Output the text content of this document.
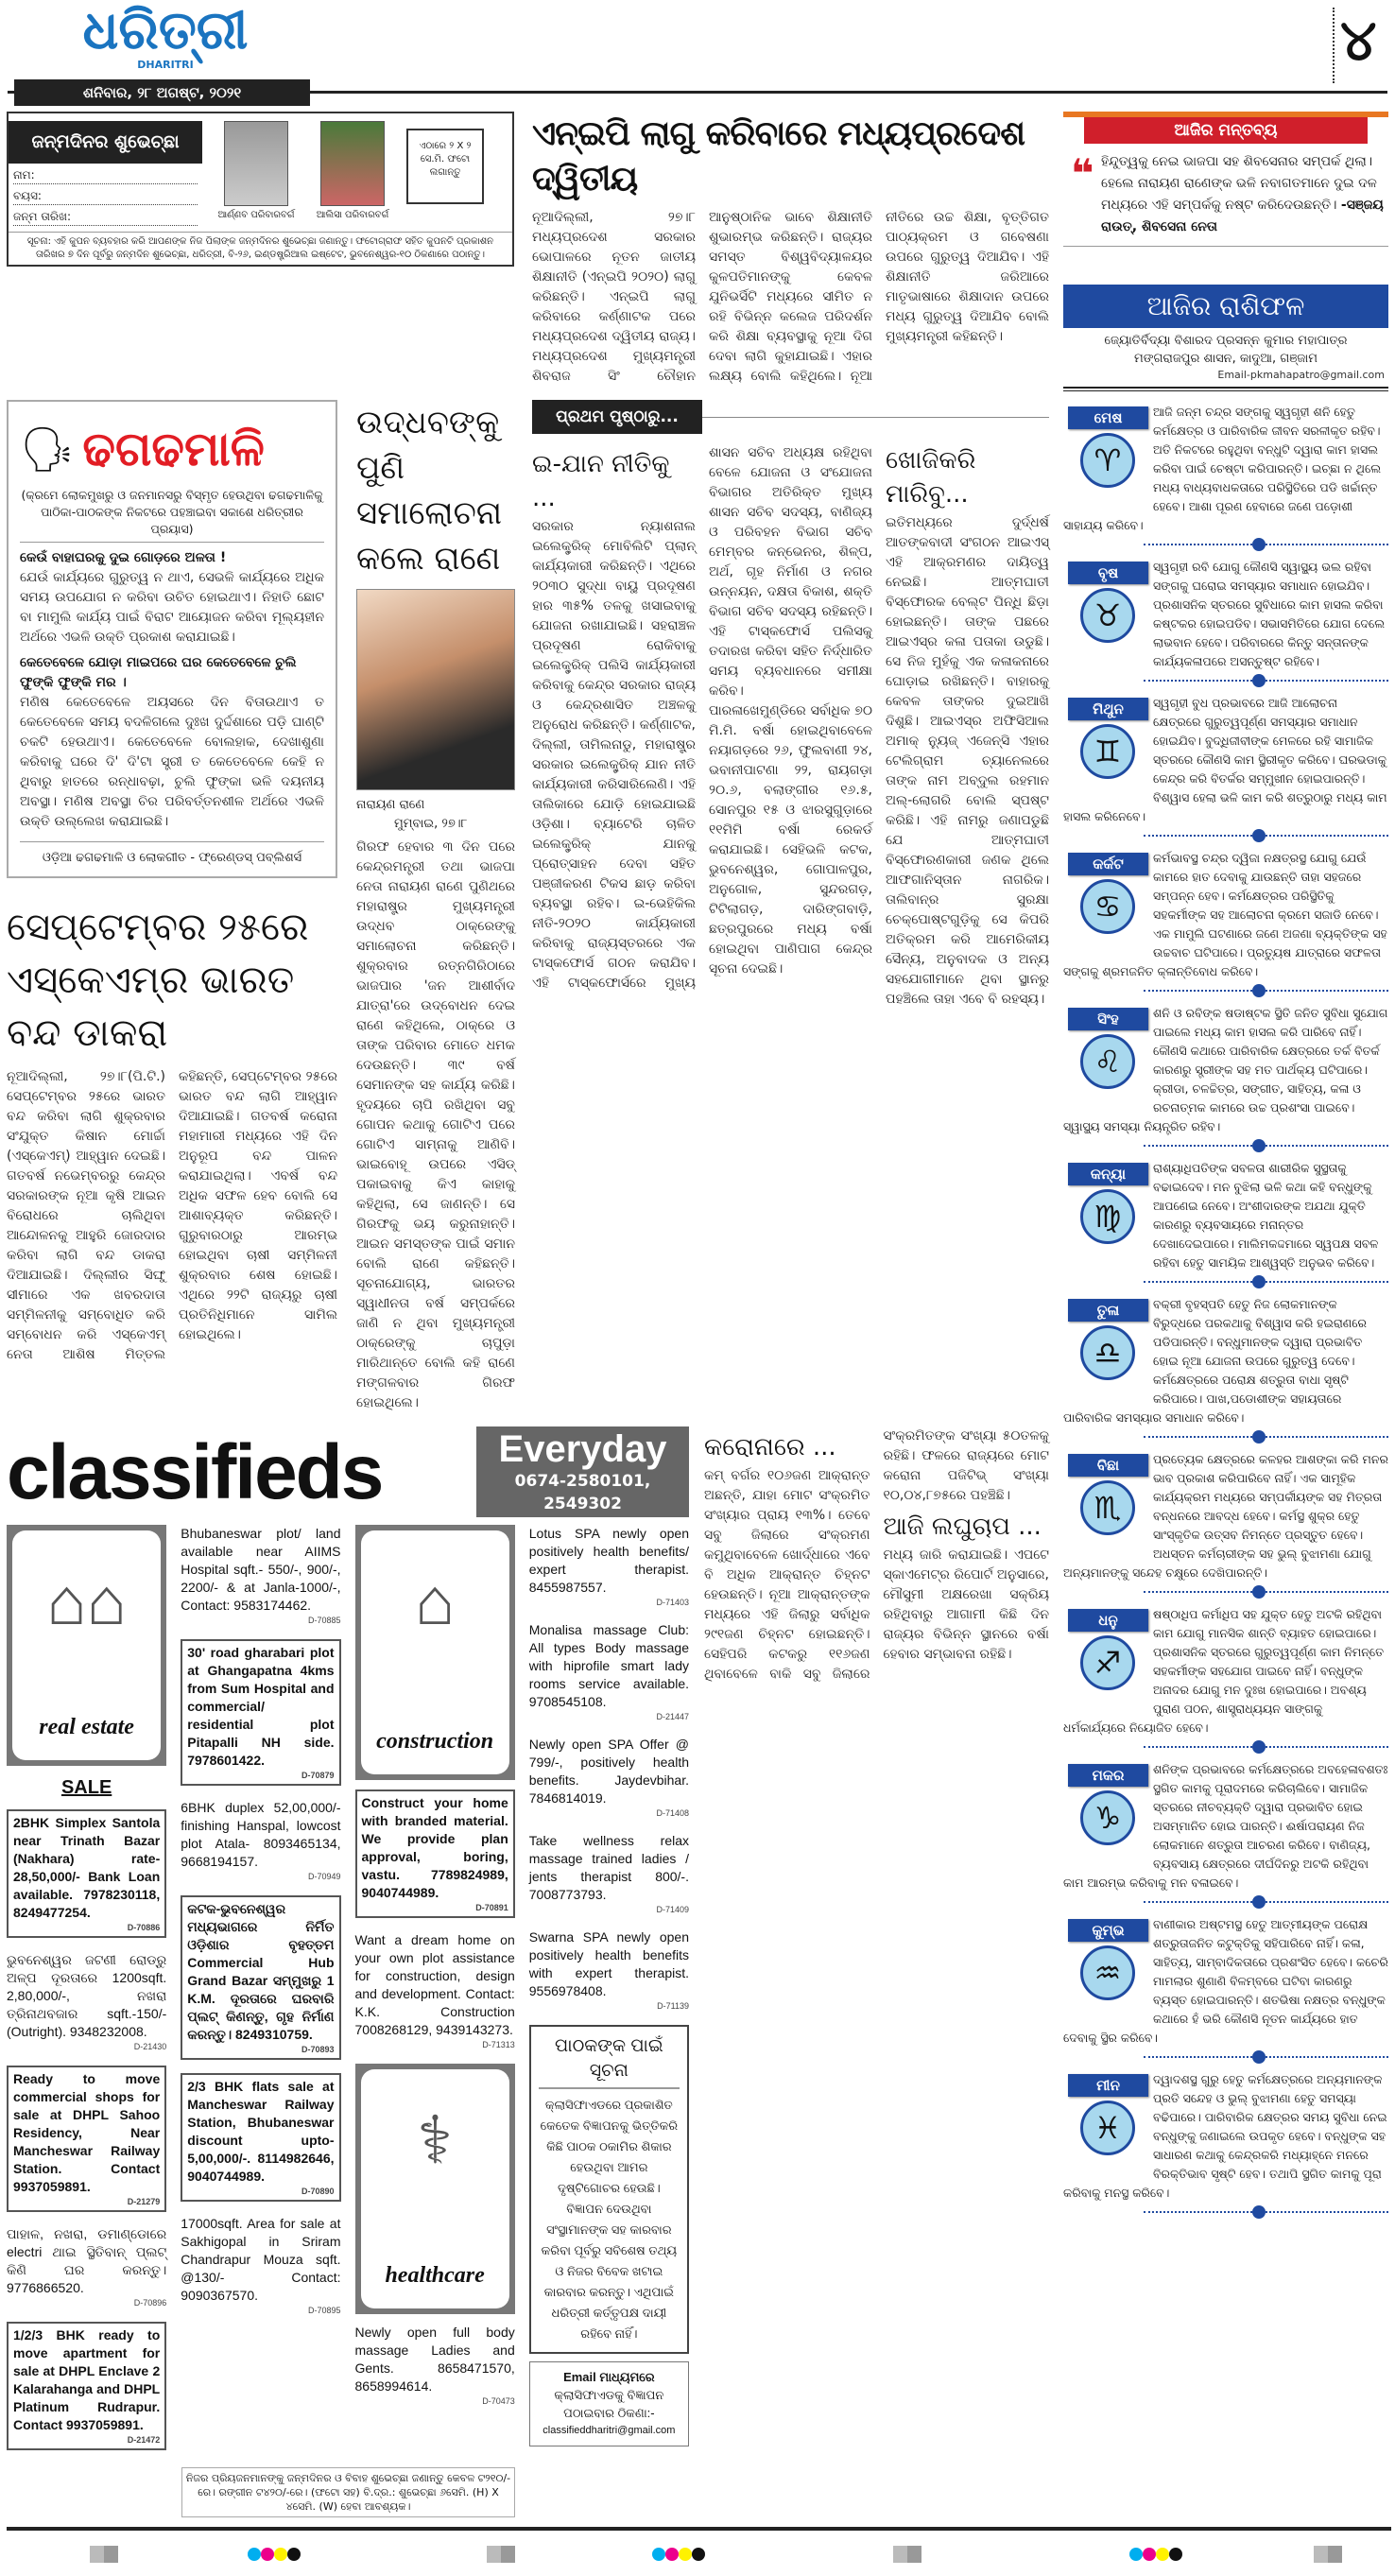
ଧରିତ୍ରୀ
DHARITRI
ଶନିବାର, ୨୮ ଅଗଷ୍ଟ, ୨୦୨୧
୪
ଜନ୍ମଦିନର ଶୁଭେଚ୍ଛା
ନାମ:
ବୟସ:
ଜନ୍ମ ତାରିଖ:	ଆର୍ଣ୍ଣବ ପରିବାରବର୍ଗ	ଆଲିସା ପରିବାରବର୍ଗ
ଏଠାରେ ୨ X ୨ ସେ.ମି. ଫଟୋ ଲଗାନ୍ତୁ
ସୂଚନା: ଏହି କୁପନ ବ୍ୟବହାର କରି ଆପଣଙ୍କ ନିଜ ପିଲାଙ୍କ ଜନ୍ମଦିନର ଶୁଭେଚ୍ଛା ଜଣାନ୍ତୁ। ଫଟୋଗ୍ରାଫ ସହିତ କୁପନଟି ପ୍ରକାଶନ ତାରିଖର ୭ ଦିନ ପୂର୍ବରୁ ଜନ୍ମଦିନ ଶୁଭେଚ୍ଛା, ଧରିତ୍ରୀ, ବି-୨୬, ଇଣ୍ଡଷ୍ଟ୍ରିଆଲ ଇଷ୍ଟେଟ, ଭୁବନେଶ୍ୱର-୧୦ ଠିକଣାରେ ପଠାନ୍ତୁ।
ଏନ୍‌ଇପି ଲାଗୁ କରିବାରେ ମଧ୍ୟପ୍ରଦେଶ ଦ୍ୱିତୀୟ
ନୂଆଦିଲ୍ଲୀ, ୨୭।୮ ମଧ୍ୟପ୍ରଦେଶ ସରକାର ଭୋପାଳରେ ନୂତନ ଜାତୀୟ ଶିକ୍ଷାନୀତି (ଏନ୍‌ଇପି ୨୦୨୦) ଲାଗୁ କରିଛନ୍ତି। ଏନ୍‌ଇପି ଲାଗୁ କରିବାରେ କର୍ଣ୍ଣାଟକ ପରେ ମଧ୍ୟପ୍ରଦେଶ ଦ୍ୱିତୀୟ ରାଜ୍ୟ। ମଧ୍ୟପ୍ରଦେଶ ମୁଖ୍ୟମନ୍ତ୍ରୀ ଶିବରାଜ ସିଂ ଚୌହାନ ଆନୁଷ୍ଠାନିକ ଭାବେ ଶିକ୍ଷାନୀତି ଶୁଭାରମ୍ଭ କରିଛନ୍ତି। ରାଜ୍ୟର ସମସ୍ତ ବିଶ୍ୱବିଦ୍ୟାଳୟର କୁଳପତିମାନଙ୍କୁ କେବଳ ଯୁନିଭର୍ସିଟି ମଧ୍ୟରେ ସୀମିତ ନ ରହି ବିଭିନ୍ନ କଲେଜ ପରିଦର୍ଶନ କରି ଶିକ୍ଷା ବ୍ୟବସ୍ଥାକୁ ନୂଆ ଦିଗ ଦେବା ଲାଗି କୁହାଯାଇଛି। ଏହାର ଲକ୍ଷ୍ୟ ବୋଲି କହିଥିଲେ। ନୂଆ ନୀତିରେ ଉଚ୍ଚ ଶିକ୍ଷା, ବୃତ୍ତିଗତ ପାଠ୍ୟକ୍ରମ ଓ ଗବେଷଣା ଉପରେ ଗୁରୁତ୍ୱ ଦିଆଯିବ। ଏହି ଶିକ୍ଷାନୀତି ଜରିଆରେ ମାତୃଭାଷାରେ ଶିକ୍ଷାଦାନ ଉପରେ ମଧ୍ୟ ଗୁରୁତ୍ୱ ଦିଆଯିବ ବୋଲି ମୁଖ୍ୟମନ୍ତ୍ରୀ କହିଛନ୍ତି।
🗣 ଢଗଢମାଳି
(କ୍ରମେ ଲୋକମୁଖରୁ ଓ ଜନମାନସରୁ ବିସ୍ମୃତ ହେଉଥିବା ଢଗଢମାଳିକୁ ପାଠିକା-ପାଠକଙ୍କ ନିକଟରେ ପହଞ୍ଚାଇବା ସକାଶେ ଧରିତ୍ରୀର ପ୍ରୟାସ)
କେଉଁ ବାହାଘରକୁ ଦୁଇ ଗୋଡ଼ରେ ଅଳତା !
ଯେଉଁ କାର୍ଯ୍ୟରେ ଗୁରୁତ୍ୱ ନ ଥାଏ, ସେଭଳି କାର୍ଯ୍ୟରେ ଅଧିକ ସମୟ ଉପଯୋଗ ନ କରିବା ଉଚିତ ହୋଇଥାଏ। ନିହାତି ଛୋଟ ବା ମାମୁଲି କାର୍ଯ୍ୟ ପାଇଁ ବିରାଟ ଆୟୋଜନ କରିବା ମୂଲ୍ୟହୀନ ଅର୍ଥରେ ଏଭଳି ଉକ୍ତି ପ୍ରକାଶ କରାଯାଇଛି।
କେତେବେଳେ ଯୋଡ଼ା ମାଇପରେ ଘର କେତେବେଳେ ଚୁଲି ଫୁଙ୍କି ଫୁଙ୍କି ମର ।
ମଣିଷ କେତେବେଳେ ଅୟସରେ ଦିନ ବିତାଉଥାଏ ତ କେତେବେଳେ ସମୟ ବଦଳିଗଲେ ଦୁଃଖ ଦୁର୍ଦ୍ଦଶାରେ ପଡ଼ି ଘାଣ୍ଟି ଚକଟି ହେଉଥାଏ। କେତେବେଳେ ବୋଲହାକ, ଦେଖାଶୁଣା କରିବାକୁ ଘରେ ଦି' ଦି'ଟା ସ୍ତ୍ରୀ ତ କେତେବେଳେ କେହି ନ ଥିବାରୁ ହାତରେ ରନ୍ଧାବଢ଼ା, ଚୁଲି ଫୁଙ୍କା ଭଳି ଦୟନୀୟ ଅବସ୍ଥା। ମଣିଷ ଅବସ୍ଥା ଚିର ପରିବର୍ତ୍ତନଶୀଳ ଅର୍ଥରେ ଏଭଳି ଉକ୍ତି ଉଲ୍ଲେଖ କରାଯାଇଛି।
ଓଡ଼ିଆ ଢଗଢମାଳି ଓ ଲୋକଗୀତ - ଫ୍ରେଣ୍ଡସ୍ ପବ୍ଲିଶର୍ସ
ସେପ୍ଟେମ୍ବର ୨୫ରେ ଏସ୍‌କେଏମ୍‌ର ଭାରତ ବନ୍ଦ ଡାକରା
ନୂଆଦିଲ୍ଲୀ, ୨୭।୮(ପି.ଟି.) ସେପ୍ଟେମ୍ବର ୨୫ରେ ଭାରତ ବନ୍ଦ କରିବା ଲାଗି ଶୁକ୍ରବାର ସଂଯୁକ୍ତ କିଷାନ ମୋର୍ଚ୍ଚା (ଏସ୍‌କେଏମ୍) ଆହ୍ୱାନ ଦେଇଛି। ଗତବର୍ଷ ନଭେମ୍ବରରୁ କେନ୍ଦ୍ର ସରକାରଙ୍କ ନୂଆ କୃଷି ଆଇନ ବିରୋଧରେ ଚାଲିଥିବା ଆନ୍ଦୋଳନକୁ ଆହୁରି ଜୋରଦାର କରିବା ଲାଗି ବନ୍ଦ ଡାକରା ଦିଆଯାଇଛି। ଦିଲ୍ଲୀର ସିଙ୍ଘୁ ସୀମାରେ ଏକ ଖବରଦାତା ସମ୍ମିଳନୀକୁ ସମ୍ବୋଧିତ କରି ସମ୍ବୋଧନ କରି ଏସ୍‌କେଏମ୍ ନେତା ଆଶିଷ ମିତ୍ତଲ କହିଛନ୍ତି, ସେପ୍ଟେମ୍ବର ୨୫ରେ ଭାରତ ବନ୍ଦ ଲାଗି ଆହ୍ୱାନ ଦିଆଯାଇଛି। ଗତବର୍ଷ କରୋନା ମହାମାରୀ ମଧ୍ୟରେ ଏହି ଦିନ ଅନୁରୂପ ବନ୍ଦ ପାଳନ କରାଯାଇଥିଲା। ଏବର୍ଷ ବନ୍ଦ ଅଧିକ ସଫଳ ହେବ ବୋଲି ସେ ଆଶାବ୍ୟକ୍ତ କରିଛନ୍ତି। ଗୁରୁବାରଠାରୁ ଆରମ୍ଭ ହୋଇଥିବା ଚାଷୀ ସମ୍ମିଳନୀ ଶୁକ୍ରବାର ଶେଷ ହୋଇଛି। ଏଥିରେ ୨୨ଟି ରାଜ୍ୟରୁ ଚାଷୀ ପ୍ରତିନିଧିମାନେ ସାମିଲ ହୋଇଥିଲେ।
ଉଦ୍ଧବଙ୍କୁ ପୁଣି ସମାଲୋଚନା କଲେ ରାଣେ
ନାରାୟଣ ରାଣେ
ମୁମ୍ବାଇ, ୨୭।୮
ଗିରଫ ହେବାର ୩ ଦିନ ପରେ କେନ୍ଦ୍ରମନ୍ତ୍ରୀ ତଥା ଭାଜପା ନେତା ନାରାୟଣ ରାଣେ ପୁଣିଥରେ ମହାରାଷ୍ଟ୍ର ମୁଖ୍ୟମନ୍ତ୍ରୀ ଉଦ୍ଧବ ଠାକ୍‌ରେଙ୍କୁ ସମାଲୋଚନା କରିଛନ୍ତି। ଶୁକ୍ରବାର ରତ୍ନଗିରିଠାରେ ଭାଜପାର 'ଜନ ଆଶୀର୍ବାଦ ଯାତ୍ରା'ରେ ଉଦ୍‌ବୋଧନ ଦେଇ ରାଣେ କହିଥିଲେ, ଠାକ୍‌ରେ ଓ ତାଙ୍କ ପରିବାର ମୋତେ ଧମକ ଦେଉଛନ୍ତି। ୩୯ ବର୍ଷ ସେମାନଙ୍କ ସହ କାର୍ଯ୍ୟ କରିଛି। ହୃଦୟରେ ଚାପି ରଖିଥିବା ସବୁ ଗୋପନ କଥାକୁ ଗୋଟିଏ ପରେ ଗୋଟିଏ ସାମ୍ନାକୁ ଆଣିବି। ଭାଇବୋହୂ ଉପରେ ଏସିଡ୍ ପକାଇବାକୁ କିଏ କାହାକୁ କହିଥିଲା, ସେ ଜାଣନ୍ତି। ସେ ଗିରଫକୁ ଭୟ କରୁନାହାନ୍ତି। ଆଇନ ସମସ୍ତଙ୍କ ପାଇଁ ସମାନ ବୋଲି ରାଣେ କହିଛନ୍ତି। ସୂଚନାଯୋଗ୍ୟ, ଭାରତର ସ୍ୱାଧୀନତା ବର୍ଷ ସମ୍ପର୍କରେ ଜାଣି ନ ଥିବା ମୁଖ୍ୟମନ୍ତ୍ରୀ ଠାକ୍‌ରେଙ୍କୁ ଚାପୁଡ଼ା ମାରିଥାନ୍ତେ ବୋଲି କହି ରାଣେ ମଙ୍ଗଳବାର ଗିରଫ ହୋଇଥିଲେ।
ପ୍ରଥମ ପୃଷ୍ଠାରୁ...
ଇ-ଯାନ ନୀତିକୁ ...
ସରକାର ନ୍ୟାଶନାଲ ଇଲେକ୍ଟ୍ରିକ୍ ମୋବିଲିଟି ପ୍ଲାନ୍ କାର୍ଯ୍ୟକାରୀ କରିଛନ୍ତି। ଏଥିରେ ୨୦୩୦ ସୁଦ୍ଧା ବାୟୁ ପ୍ରଦୂଷଣ ହାର ୩୫% ତଳକୁ ଖସାଇବାକୁ ଯୋଜନା ରଖାଯାଇଛି। ସହରାଞ୍ଚଳ ପ୍ରଦୂଷଣ ରୋକିବାକୁ ଇଲେକ୍ଟ୍ରିକ୍ ପଲିସି କାର୍ଯ୍ୟକାରୀ କରିବାକୁ କେନ୍ଦ୍ର ସରକାର ରାଜ୍ୟ ଓ କେନ୍ଦ୍ରଶାସିତ ଅଞ୍ଚଳକୁ ଅନୁରୋଧ କରିଛନ୍ତି। କର୍ଣ୍ଣାଟକ, ଦିଲ୍ଲୀ, ତାମିଲନାଡୁ, ମହାରାଷ୍ଟ୍ର ସରକାର ଇଲେକ୍ଟ୍ରିକ୍ ଯାନ ନୀତି କାର୍ଯ୍ୟକାରୀ କରିସାରିଲେଣି। ଏହି ତାଲିକାରେ ଯୋଡ଼ି ହୋଇଯାଇଛି ଓଡ଼ିଶା। ବ୍ୟାଟେରି ଚାଳିତ ଇଲେକ୍ଟ୍ରିକ୍ ଯାନକୁ ପ୍ରୋତ୍ସାହନ ଦେବା ସହିତ ପଞ୍ଜୀକରଣ ଟିକସ ଛାଡ଼ କରିବା ବ୍ୟବସ୍ଥା ରହିବ। ଇ-ଭେହିକିଲ ନୀତି-୨୦୨୦ କାର୍ଯ୍ୟକାରୀ କରିବାକୁ ରାଜ୍ୟସ୍ତରରେ ଏକ ଟାସ୍କଫୋର୍ସ ଗଠନ କରାଯିବ। ଏହି ଟାସ୍କଫୋର୍ସରେ ମୁଖ୍ୟ ଶାସନ ସଚିବ ଅଧ୍ୟକ୍ଷ ରହିଥିବା ବେଳେ ଯୋଜନା ଓ ସଂଯୋଜନା ବିଭାଗର ଅତିରିକ୍ତ ମୁଖ୍ୟ ଶାସନ ସଚିବ ସଦସ୍ୟ, ବାଣିଜ୍ୟ ଓ ପରିବହନ ବିଭାଗ ସଚିବ ମେମ୍ବର କନ୍‌ଭେନର, ଶିଳ୍ପ, ଅର୍ଥ, ଗୃହ ନିର୍ମାଣ ଓ ନଗର ଉନ୍ନୟନ, ଦକ୍ଷତା ବିକାଶ, ଶକ୍ତି ବିଭାଗ ସଚିବ ସଦସ୍ୟ ରହିଛନ୍ତି। ଏହି ଟାସ୍କଫୋର୍ସ ପଲିସକୁ ତଦାରଖ କରିବା ସହିତ ନିର୍ଦ୍ଧାରିତ ସମୟ ବ୍ୟବଧାନରେ ସମୀକ୍ଷା କରିବ।
ପାରଳାଖେମୁଣ୍ଡିରେ ସର୍ବାଧିକ ୭୦ ମି.ମି. ବର୍ଷା ହୋଇଥିବାବେଳେ ନୟାଗଡ଼ରେ ୨୬, ଫୁଲବାଣୀ ୨୪, ଭବାନୀପାଟଣା ୨୨, ରାୟଗଡ଼ା ୨୦.୬, ବଲାଙ୍ଗୀର ୧୬.୫, ସୋନପୁର ୧୫ ଓ ଝାରସୁଗୁଡ଼ାରେ ୧୧ମିମି ବର୍ଷା ରେକର୍ଡ କରାଯାଇଛି। ସେହିଭଳି କଟକ, ଭୁବନେଶ୍ୱର, ଗୋପାଳପୁର, ଅନୁଗୋଳ, ସୁନ୍ଦରଗଡ଼, ଟିଟିଲାଗଡ଼, ଦାରିଙ୍ଗବାଡ଼ି, ଛତ୍ରପୁରରେ ମଧ୍ୟ ବର୍ଷା ହୋଇଥିବା ପାଣିପାଗ କେନ୍ଦ୍ର ସୂଚନା ଦେଇଛି।
ଖୋଜିକରି ମାରିବୁ...
ଇତିମଧ୍ୟରେ ଦୁର୍ଦ୍ଧର୍ଷ ଆତଙ୍କବାଦୀ ସଂଗଠନ ଆଇଏସ୍ ଏହି ଆକ୍ରମଣର ଦାୟିତ୍ୱ ନେଇଛି। ଆତ୍ମଘାତୀ ବିସ୍ଫୋରକ ବେଲ୍ଟ ପିନ୍ଧି ଛିଡ଼ା ହୋଇଛନ୍ତି। ତାଙ୍କ ପଛରେ ଆଇଏସ୍‌ର କଳା ପତାକା ଉଡୁଛି। ସେ ନିଜ ମୁହଁକୁ ଏକ କଳାକନାରେ ଘୋଡ଼ାଇ ରଖିଛନ୍ତି। ବାହାରକୁ କେବଳ ତାଙ୍କର ଦୁଇଆଖି ଦିଶୁଛି। ଆଇଏସ୍‌ର ଅଫିସିଆଲ ଅମାକ୍ ନ୍ୟୁଜ୍ ଏଜେନ୍ସି ଏହାର ଟେଲିଗ୍ରାମ ଚ୍ୟାନେଲରେ ତାଙ୍କ ନାମ ଅବ୍‌ଦୁଲ ରହମାନ ଅଲ୍-ଲୋଗରି ବୋଲି ସ୍ପଷ୍ଟ କରିଛି। ଏହି ନାମରୁ ଜଣାପଡୁଛି ଯେ ଆତ୍ମଘାତୀ ବିସ୍ଫୋରଣକାରୀ ଜଣକ ଥିଲେ ଆଫଗାନିସ୍ତାନ ନାଗରିକ। ତାଲିବାନ୍‌ର ସୁରକ୍ଷା ଚେକ୍‌ପୋଷ୍ଟଗୁଡ଼ିକୁ ସେ କିପରି ଅତିକ୍ରମ କରି ଆମେରିକୀୟ ସୈନ୍ୟ, ଅନୁବାଦକ ଓ ଅନ୍ୟ ସହଯୋଗୀମାନେ ଥିବା ସ୍ଥାନରୁ ପହଞ୍ଚିଲେ ତାହା ଏବେ ବି ରହସ୍ୟ।
classifieds	Everyday
0674-2580101, 2549302
⌂⌂
real estate
SALE
2BHK Simplex Santola near Trinath Bazar (Nakhara) rate-28,50,000/- Bank Loan available. 7978230118, 8249477254.
D-70886
ଭୁବନେଶ୍ୱର ଜଟଣୀ ରୋଡ୍‌ରୁ ଅଳ୍ପ ଦୂରତାରେ 1200sqft. 2,80,000/-, ନଖରା ତ୍ରିନାଥବଜାର sqft.-150/- (Outright). 9348232008.
D-21430
Ready to move commercial shops for sale at DHPL Sahoo Residency, Near Mancheswar Railway Station. Contact 9937059891.
D-21279
ପାହାଳ, ନଖରା, ଡମାଣ୍ଡୋରେ electri ଥାଇ ସ୍ଥିତିବାନ୍ ପ୍ଲଟ୍ କିଣି ଘର କରନ୍ତୁ। 9776866520.
D-70896
1/2/3 BHK ready to move apartment for sale at DHPL Enclave 2 Kalarahanga and DHPL Platinum Rudrapur. Contact 9937059891.
D-21472
Bhubaneswar plot/ land available near AIIMS Hospital sqft.- 550/-, 900/-, 2200/- & at Janla-1000/-, Contact: 9583174462.
D-70885
30' road gharabari plot at Ghangapatna 4kms from Sum Hospital and commercial/ residential plot Pitapalli NH side. 7978601422.
D-70879
6BHK duplex 52,00,000/- finishing Hanspal, lowcost plot Atala- 8093465134, 9668194157.
D-70949
କଟକ-ଭୁବନେଶ୍ୱର ମଧ୍ୟଭାଗରେ ନିର୍ମିତ ଓଡ଼ିଶାର ବୃହତ୍ତମ Commercial Hub Grand Bazar ସମ୍ମୁଖରୁ 1 K.M. ଦୂରତାରେ ଘରବାରି ପ୍ଲଟ୍ କିଣନ୍ତୁ, ଗୃହ ନିର୍ମାଣ କରନ୍ତୁ। 8249310759.
D-70893
2/3 BHK flats sale at Mancheswar Railway Station, Bhubaneswar discount upto- 5,00,000/-. 8114982646, 9040744989.
D-70890
17000sqft. Area for sale at Sakhigopal in Sriram Chandrapur Mouza sqft. @130/- Contact: 9090367570.
D-70895
⌂
construction
Construct your home with branded material. We provide plan approval, boring, vastu. 7789824989, 9040744989.
D-70891
Want a dream home on your own plot assistance for construction, design and development. Contact: K.K. Construction 7008268129, 9439143273.
D-71313
⚕
healthcare
Newly open full body massage Ladies and Gents. 8658471570, 8658994614.
D-70473
Lotus SPA newly open positively health benefits/ expert therapist. 8455987557.
D-71403
Monalisa massage Club: All types Body massage with hiprofile smart lady rooms service available. 9708545108.
D-21447
Newly open SPA Offer @ 799/-, positively health benefits. Jaydevbihar. 7846814019.
D-71408
Take wellness relax massage trained ladies / jents therapist 800/-. 7008773793.
D-71409
Swarna SPA newly open positively health benefits with expert therapist. 9556978408.
D-71139
ପାଠକଙ୍କ ପାଇଁ ସୂଚନା
କ୍ଲାସିଫାଏଡରେ ପ୍ରକାଶିତ କେତେକ ବିଜ୍ଞାପନକୁ ଭିତ୍ତିକରି କିଛି ପାଠକ ଠକାମିର ଶିକାର ହେଉଥିବା ଆମର ଦୃଷ୍ଟିଗୋଚର ହେଉଛି। ବିଜ୍ଞାପନ ଦେଉଥିବା ସଂସ୍ଥାମାନଙ୍କ ସହ କାରବାର କରିବା ପୂର୍ବରୁ ସବିଶେଷ ତଥ୍ୟ ଓ ନିଜର ବିବେକ ଖଟାଇ କାରବାର କରନ୍ତୁ। ଏଥିପାଇଁ ଧରିତ୍ରୀ କର୍ତ୍ତୃପକ୍ଷ ଦାୟୀ ରହିବେ ନାହିଁ।
Email ମାଧ୍ୟମରେ
କ୍ଲାସିଫାଏଡକୁ ବିଜ୍ଞାପନ ପଠାଇବାର ଠିକଣା:-
classifieddharitri@gmail.com
ନିଜର ପ୍ରିୟଜନମାନଙ୍କୁ ଜନ୍ମଦିନର ଓ ବିବାହ ଶୁଭେଚ୍ଛା ଜଣାନ୍ତୁ କେବଳ ଟ୨୧୦/-ରେ। ରଙ୍ଗୀନ ଟ୪୨୦/-ରେ। (ଫଟୋ ସହ) ବି.ଦ୍ର.: ଶୁଭେଚ୍ଛା ୬ସେମି. (H) X ୪ସେମି. (W) ହେବା ଆବଶ୍ୟକ।
କରୋନାରେ ...
କମ୍ ବର୍ଗର ୧୦୬ଜଣ ଆକ୍ରାନ୍ତ ଅଛନ୍ତି, ଯାହା ମୋଟ ସଂକ୍ରମିତ ସଂଖ୍ୟାର ପ୍ରାୟ ୧୩%। ତେବେ ସବୁ ଜିଲାରେ ସଂକ୍ରମଣ କମୁଥିବାବେଳେ ଖୋର୍ଦ୍ଧାରେ ଏବେ ବି ଅଧିକ ଆକ୍ରାନ୍ତ ଚିହ୍ନଟ ହେଉଛନ୍ତି। ନୂଆ ଆକ୍ରାନ୍ତଙ୍କ ମଧ୍ୟରେ ଏହି ଜିଲାରୁ ସର୍ବାଧିକ ୨୯୧ଜଣ ଚିହ୍ନଟ ହୋଇଛନ୍ତି। ସେହିପରି କଟକରୁ ୧୧୬ଜଣ ଥିବାବେଳେ ବାକି ସବୁ ଜିଲାରେ ସଂକ୍ରମିତଙ୍କ ସଂଖ୍ୟା ୫୦ତଳକୁ ରହିଛି। ଫଳରେ ରାଜ୍ୟରେ ମୋଟ କରୋନା ପଜିଟିଭ୍ ସଂଖ୍ୟା ୧୦,୦୪,୮୭୫ରେ ପହଞ୍ଚିଛି।
ଆଜି ଲଘୁଚାପ ...
ମଧ୍ୟ ଜାରି କରାଯାଇଛି। ଏପଟେ ସ୍କାଏମେଟ୍‌ର ରିପୋର୍ଟ ଅନୁସାରେ, ମୌସୁମୀ ଅକ୍ଷରେଖା ସକ୍ରିୟ ରହିଥିବାରୁ ଆଗାମୀ କିଛି ଦିନ ରାଜ୍ୟର ବିଭିନ୍ନ ସ୍ଥାନରେ ବର୍ଷା ହେବାର ସମ୍ଭାବନା ରହିଛି।
ଆଜିର ମନ୍ତବ୍ୟ
❝ ହିନ୍ଦୁତ୍ୱକୁ ନେଇ ଭାଜପା ସହ ଶିବସେନାର ସମ୍ପର୍କ ଥିଲା। ହେଲେ ନାରାୟଣ ରାଣେଙ୍କ ଭଳି ନବାଗତମାନେ ଦୁଇ ଦଳ ମଧ୍ୟରେ ଏହି ସମ୍ପର୍କକୁ ନଷ୍ଟ କରିଦେଉଛନ୍ତି। -ସଞ୍ଜୟ ରାଉତ୍‌, ଶିବସେନା ନେତା
ଆଜିର ରାଶିଫଳ
ଜ୍ୟୋତିର୍ବିଦ୍ୟା ବିଶାରଦ ପ୍ରସନ୍ନ କୁମାର ମହାପାତ୍ର
ମଙ୍ଗରାଜପୁର ଶାସନ, କାଦୁଆ, ଗଞ୍ଜାମ
Email-pkmahapatro@gmail.com
ମେଷ
♈
ଆଜି ଜନ୍ମ ଚନ୍ଦ୍ର ସଙ୍ଗକୁ ସ୍ୱଗୃହୀ ଶନି ହେତୁ କର୍ମକ୍ଷେତ୍ର ଓ ପାରିବାରିକ ଜୀବନ ସରଳୀକୃତ ରହିବ। ଅତି ନିକଟରେ ରହୁଥିବା ବନ୍ଧୁଟି ଦ୍ୱାରା କାମ ହାସଲ କରିବା ପାଇଁ ଚେଷ୍ଟା କରିପାରନ୍ତି। ଇଚ୍ଛା ନ ଥିଲେ ମଧ୍ୟ ବାଧ୍ୟବାଧକତାରେ ପରିସ୍ଥିତିରେ ପଡି ଖର୍ଚ୍ଚାନ୍ତ ହେବେ। ଆଶା ପୂରଣ ହେବାରେ ଜଣେ ପଡ଼ୋଶୀ ସାହାଯ୍ୟ କରିବେ।
ବୃଷ
♉
ସ୍ୱଗୃହୀ ରବି ଯୋଗୁ କୌଣସି ସ୍ୱାସ୍ଥ୍ୟ ଭଲ ରହିବା ସଙ୍ଗକୁ ଘରୋଇ ସମସ୍ୟାର ସମାଧାନ ହୋଇଯିବ। ପ୍ରଶାସନିକ ସ୍ତରରେ ସୁବିଧାରେ କାମ ହାସଲ କରିବା କଷ୍ଟକର ହୋଇପଡିବ। ସଭାସମିତିରେ ଯୋଗ ଦେଲେ ଲାଭବାନ ହେବେ। ପରିବାରରେ କିନ୍ତୁ ସନ୍ତାନଙ୍କ କାର୍ଯ୍ୟକଳାପରେ ଅସନ୍ତୁଷ୍ଟ ରହିବେ।
ମିଥୁନ
♊
ସ୍ୱଗୃହୀ ବୁଧ ପ୍ରଭାବରେ ଆଜି ଆଲୋଚନା କ୍ଷେତ୍ରରେ ଗୁରୁତ୍ୱପୂର୍ଣ୍ଣ ସମସ୍ୟାର ସମାଧାନ ହୋଇଯିବ। ବୁଦ୍ଧିଜୀବୀଙ୍କ ମେଳରେ ରହି ସାମାଜିକ ସ୍ତରରେ କୌଣସି କାମ ସ୍ଥିରୀକୃତ କରିବେ। ଘରଭଡାକୁ କେନ୍ଦ୍ର କରି ବିତର୍କର ସମ୍ମୁଖୀନ ହୋଇପାରନ୍ତି। ବିଶ୍ୱାସ ହେଲା ଭଳି କାମ କରି ଶତ୍ରୁଠାରୁ ମଧ୍ୟ କାମ ହାସଲ କରିନେବେ।
କର୍କଟ
♋
କର୍ମଭାବସ୍ଥ ଚନ୍ଦ୍ର ଦ୍ୱିଜା ନକ୍ଷତ୍ରସ୍ଥ ଯୋଗୁ ଯେଉଁ କାମରେ ହାତ ଦେବାକୁ ଯାଉଛନ୍ତି ତାହା ସହଜରେ ସମ୍ପନ୍ନ ହେବ। କର୍ମକ୍ଷେତ୍ରର ପରିସ୍ଥିତିକୁ ସହକର୍ମୀଙ୍କ ସହ ଆଲୋଚନା କ୍ରମେ ସଜାଡି ନେବେ। ଏକ ମାମୁଲି ଘଟଣାରେ ଜଣେ ଅଜଣା ବ୍ୟକ୍ତିଙ୍କ ସହ ଉଚ୍ଚବାଚ ଘଟିପାରେ। ପ୍ରତ୍ୟୁଷ ଯାତ୍ରାରେ ସଫଳତା ସଙ୍ଗକୁ ଶ୍ରମଜନିତ କ୍ଳାନ୍ତିବୋଧ କରିବେ।
ସିଂହ
♌
ଶନି ଓ ରବିଙ୍କ ଷଡାଷ୍ଟକ ସ୍ଥିତି ଜନିତ ସୁବିଧା ସୁଯୋଗ ପାଇଲେ ମଧ୍ୟ କାମ ହାସଲ କରି ପାରିବେ ନାହିଁ। କୌଣସି କଥାରେ ପାରିବାରିକ କ୍ଷେତ୍ରରେ ତର୍କ ବିତର୍କ କାରଣରୁ ସ୍ତ୍ରୀଙ୍କ ସହ ମତ ପାର୍ଥକ୍ୟ ଘଟିପାରେ। କ୍ରୀଡା, ଚଳଚ୍ଚିତ୍ର, ସଙ୍ଗୀତ, ସାହିତ୍ୟ, କଳା ଓ ରଚନାତ୍ମକ କାମରେ ଉଚ୍ଚ ପ୍ରଶଂସା ପାଇବେ। ସ୍ୱାସ୍ଥ୍ୟ ସମସ୍ୟା ନିୟନ୍ତ୍ରିତ ରହିବ।
କନ୍ୟା
♍
ରାଶ୍ୟାଧିପତିଙ୍କ ସବଳତା ଶାରୀରିକ ସୁସ୍ଥତାକୁ ବଢାଇଦେବ। ମନ ବୁଝିଲା ଭଳି କଥା କହି ବନ୍ଧୁଙ୍କୁ ଆପଣେଇ ନେବେ। ଅଂଶୀଦାରଙ୍କ ଅଯଥା ଯୁକ୍ତି କାରଣରୁ ବ୍ୟବସାୟରେ ମନାନ୍ତର ଦେଖାଦେଇପାରେ। ମାଲିମକଦ୍ଦମାରେ ସ୍ୱପକ୍ଷ ସବଳ ରହିବା ହେତୁ ସାମୟିକ ଆଶ୍ୱସ୍ତି ଅନୁଭବ କରିବେ।
ତୁଳା
♎
ବକ୍ରୀ ବୃହସ୍ପତି ହେତୁ ନିଜ ଲୋକମାନଙ୍କ ବିରୁଦ୍ଧରେ ପରକଥାକୁ ବିଶ୍ୱାସ କରି ହଇରାଣରେ ପଡିପାରନ୍ତି। ବନ୍ଧୁମାନଙ୍କ ଦ୍ୱାରା ପ୍ରଭାବିତ ହୋଇ ନୂଆ ଯୋଜନା ଉପରେ ଗୁରୁତ୍ୱ ଦେବେ। କର୍ମକ୍ଷେତ୍ରରେ ପରୋକ୍ଷ ଶତ୍ରୁତା ବାଧା ସୃଷ୍ଟି କରିପାରେ। ପାଖ,ପଡୋଶୀଙ୍କ ସହାୟତାରେ ପାରିବାରିକ ସମସ୍ୟାର ସମାଧାନ କରିବେ।
ବିଛା
♏
ପ୍ରତ୍ୟେକ କ୍ଷେତ୍ରରେ କଳହର ଆଶଙ୍କା କରି ମନର ଭାବ ପ୍ରକାଶ କରିପାରିବେ ନାହିଁ। ଏକ ସାମୂହିକ କାର୍ଯ୍ୟକ୍ରମ ମଧ୍ୟରେ ସମ୍ପର୍କୀୟଙ୍କ ସହ ମିତ୍ରତା ବନ୍ଧନରେ ଆବଦ୍ଧ ହେବେ। କର୍ମସ୍ଥ ଶୁକ୍ର ହେତୁ ସାଂସ୍କୃତିକ ଉତ୍ସବ ନିମନ୍ତେ ପ୍ରସ୍ତୁତ ହେବେ। ଅଧସ୍ତନ କର୍ମଚାରୀଙ୍କ ସହ ଭୁଲ୍ ବୁଝାମଣା ଯୋଗୁ ଅନ୍ୟମାନଙ୍କୁ ସନ୍ଦେହ ଚକ୍ଷୁରେ ଦେଖିପାରନ୍ତି।
ଧନୁ
♐
ଷଷ୍ଠାଧିପ କର୍ମାଧିପ ସହ ଯୁକ୍ତ ହେତୁ ଅଟକି ରହିଥିବା କାମ ଯୋଗୁ ମାନସିକ ଶାନ୍ତି ବ୍ୟାହତ ହୋଇପାରେ। ପ୍ରଶାସନିକ ସ୍ତରରେ ଗୁରୁତ୍ୱପୂର୍ଣ୍ଣ କାମ ନିମନ୍ତେ ସହକର୍ମୀଙ୍କ ସହଯୋଗ ପାଇବେ ନାହିଁ। ବନ୍ଧୁଙ୍କ ଅନାଦର ଯୋଗୁ ମନ ଦୁଃଖ ହୋଇପାରେ। ଅବଶ୍ୟ ପୁରାଣ ପଠନ, ଶାସ୍ତ୍ରାଧ୍ୟୟନ ସାଙ୍ଗକୁ ଧର୍ମକାର୍ଯ୍ୟରେ ନିୟୋଜିତ ହେବେ।
ମକର
♑
ଶନିଙ୍କ ପ୍ରଭାବରେ କର୍ମକ୍ଷେତ୍ରରେ ଅବହେଳାବଶତଃ ସ୍ଥଗିତ କାମକୁ ପୂରାଦମରେ କରିଚାଲିବେ। ସାମାଜିକ ସ୍ତରରେ ନୀଚବ୍ୟକ୍ତି ଦ୍ୱାରା ପ୍ରଭାବିତ ହୋଇ ଅସମ୍ମାନିତ ହୋଇ ପାରନ୍ତି। ଈର୍ଷାପରାୟଣ ନିଜ ଲୋକମାନେ ଶତ୍ରୁତା ଆଚରଣ କରିବେ। ବାଣିଜ୍ୟ, ବ୍ୟବସାୟ କ୍ଷେତ୍ରରେ ଦୀର୍ଘଦିନରୁ ଅଟକି ରହିଥିବା କାମ ଆରମ୍ଭ କରିବାକୁ ମନ ବଳାଇବେ।
କୁମ୍ଭ
♒
ବାଣୀକାର ଅଷ୍ଟମସ୍ଥ ହେତୁ ଆତ୍ମୀୟଙ୍କ ପରୋକ୍ଷ ଶତ୍ରୁତାଜନିତ କଟୁକ୍ତିକୁ ସହିପାରିବେ ନାହିଁ। କଳା, ସାହିତ୍ୟ, ସାମ୍ବାଦିକତାରେ ପ୍ରଶଂସିତ ହେବେ। କଚେରି ମାମଲାର ଶୁଣାଣି ବିଳମ୍ବରେ ଘଟିବା କାରଣରୁ ବ୍ୟସ୍ତ ହୋଇପାରନ୍ତି। ଶତଭିଷା ନକ୍ଷତ୍ର ବନ୍ଧୁଙ୍କ କଥାରେ ହଁ ଭରି କୌଣସି ନୂତନ କାର୍ଯ୍ୟରେ ହାତ ଦେବାକୁ ସ୍ଥିର କରିବେ।
ମୀନ
♓
ଦ୍ୱାଦଶସ୍ଥ ଗୁରୁ ହେତୁ କର୍ମକ୍ଷେତ୍ରରେ ଅନ୍ୟମାନଙ୍କ ପ୍ରତି ସନ୍ଦେହ ଓ ଭୁଲ୍ ବୁଝାମଣା ହେତୁ ସମସ୍ୟା ବଢିପାରେ। ପାରିବାରିକ କ୍ଷେତ୍ରର ସମୟ ସୁବିଧା ନେଇ ବନ୍ଧୁଙ୍କୁ ଜଣାଇଲେ ଉପକୃତ ହେବେ। ବନ୍ଧୁଙ୍କ ସହ ସାଧାରଣ କଥାକୁ କେନ୍ଦ୍ରକରି ମଧ୍ୟାହ୍ନେ ମନରେ ବିରକ୍ତିଭାବ ସୃଷ୍ଟି ହେବ। ତଥାପି ସ୍ଥଗିତ କାମକୁ ପୂରା କରିବାକୁ ମନସ୍ଥ କରିବେ।
